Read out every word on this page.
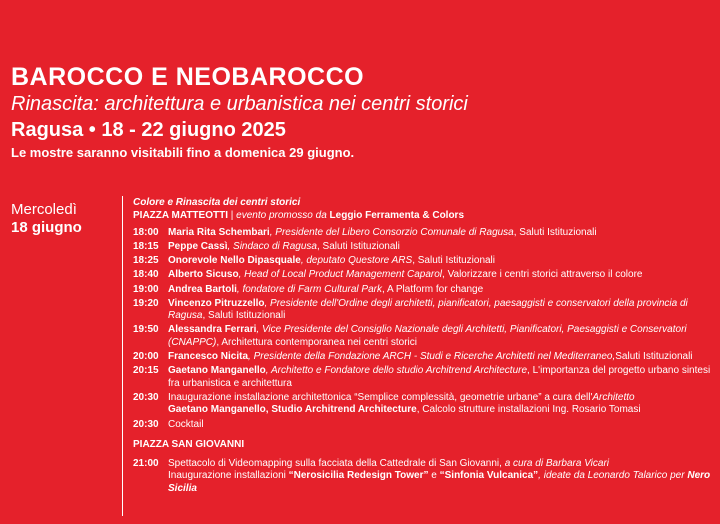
BAROCCO E NEOBAROCCO
Rinascita: architettura e urbanistica nei centri storici
Ragusa • 18 - 22 giugno 2025
Le mostre saranno visitabili fino a domenica 29 giugno.
Mercoledì
18 giugno
Colore e Rinascita dei centri storici
PIAZZA MATTEOTTI | evento promosso da Leggio Ferramenta & Colors
18:00 Maria Rita Schembari, Presidente del Libero Consorzio Comunale di Ragusa, Saluti Istituzionali
18:15 Peppe Cassì, Sindaco di Ragusa, Saluti Istituzionali
18:25 Onorevole Nello Dipasquale, deputato Questore ARS, Saluti Istituzionali
18:40 Alberto Sicuso, Head of Local Product Management Caparol, Valorizzare i centri storici attraverso il colore
19:00 Andrea Bartoli, fondatore di Farm Cultural Park, A Platform for change
19:20 Vincenzo Pitruzzello, Presidente dell'Ordine degli architetti, pianificatori, paesaggisti e conservatori della provincia di Ragusa, Saluti Istituzionali
19:50 Alessandra Ferrari, Vice Presidente del Consiglio Nazionale degli Architetti, Pianificatori, Paesaggisti e Conservatori (CNAPPC), Architettura contemporanea nei centri storici
20:00 Francesco Nicita, Presidente della Fondazione ARCH - Studi e Ricerche Architetti nel Mediterraneo,Saluti Istituzionali
20:15 Gaetano Manganello, Architetto e Fondatore dello studio Architrend Architecture, L'importanza del progetto urbano sintesi fra urbanistica e architettura
20:30 Inaugurazione installazione architettonica “Semplice complessità, geometrie urbane” a cura dell'Architetto
Gaetano Manganello, Studio Architrend Architecture, Calcolo strutture installazioni Ing. Rosario Tomasi
20:30 Cocktail
PIAZZA SAN GIOVANNI
21:00 Spettacolo di Videomapping sulla facciata della Cattedrale di San Giovanni, a cura di Barbara Vicari
Inaugurazione installazioni “Nerosicilia Redesign Tower” e “Sinfonia Vulcanica”, ideate da Leonardo Talarico per Nero Sicilia
